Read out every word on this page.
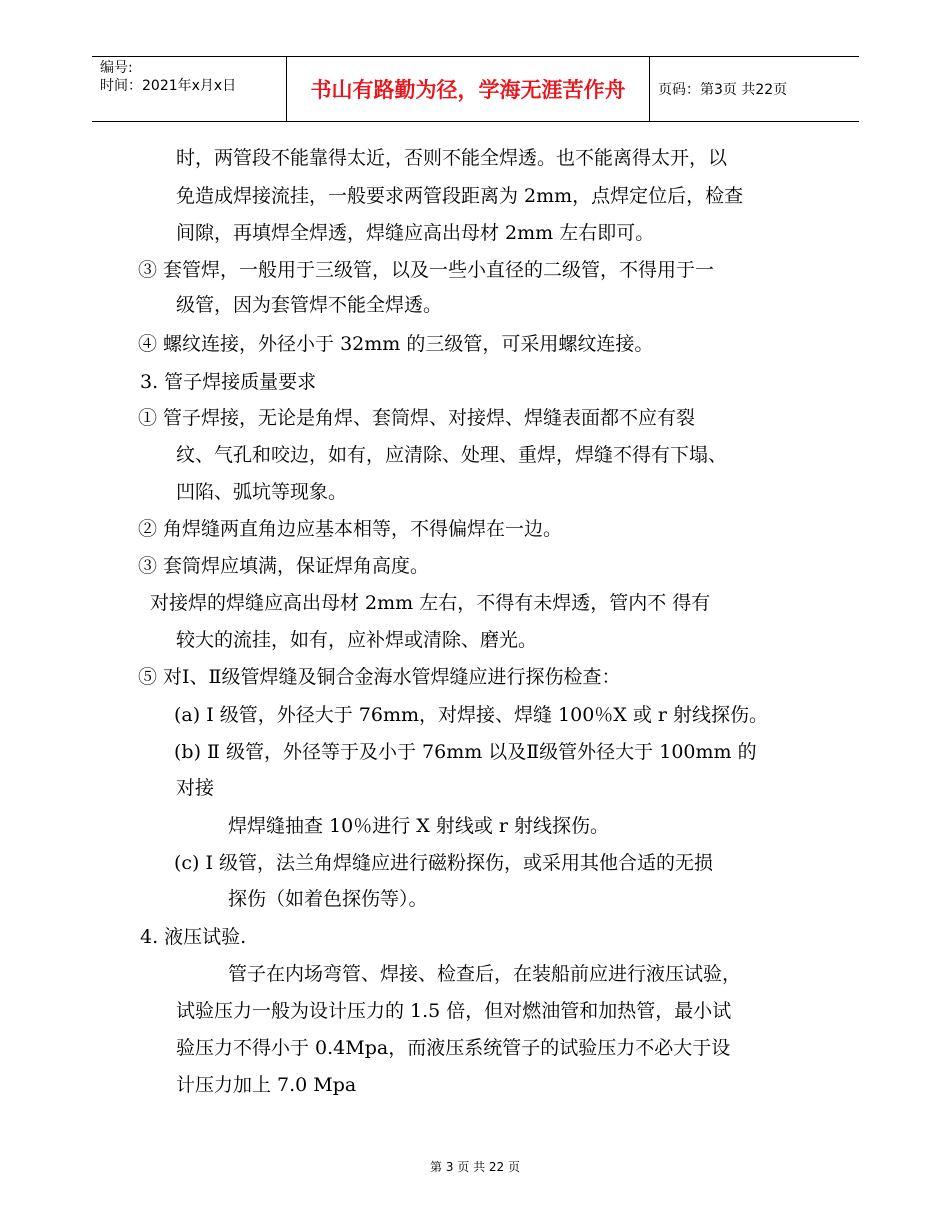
编号:
时间：2021年x月x日	书山有路勤为径，学海无涯苦作舟	页码：第3页 共22页
时，两管段不能靠得太近，否则不能全焊透。也不能离得太开，以
免造成焊接流挂，一般要求两管段距离为 2mm，点焊定位后，检查
间隙，再填焊全焊透，焊缝应高出母材 2mm 左右即可。
③ 套管焊，一般用于三级管，以及一些小直径的二级管，不得用于一
级管，因为套管焊不能全焊透。
④ 螺纹连接，外径小于 32mm 的三级管，可采用螺纹连接。
3. 管子焊接质量要求
① 管子焊接，无论是角焊、套筒焊、对接焊、焊缝表面都不应有裂
纹、气孔和咬边，如有，应清除、处理、重焊，焊缝不得有下塌、
凹陷、弧坑等现象。
② 角焊缝两直角边应基本相等，不得偏焊在一边。
③ 套筒焊应填满，保证焊角高度。
对接焊的焊缝应高出母材 2mm 左右，不得有未焊透，管内不 得有
较大的流挂，如有，应补焊或清除、磨光。
⑤ 对Ⅰ、Ⅱ级管焊缝及铜合金海水管焊缝应进行探伤检查：
(a) Ⅰ 级管，外径大于 76mm，对焊接、焊缝 100％X 或 r 射线探伤。
(b) Ⅱ 级管，外径等于及小于 76mm 以及Ⅱ级管外径大于 100mm 的
对接
焊焊缝抽查 10％进行 X 射线或 r 射线探伤。
(c) Ⅰ 级管，法兰角焊缝应进行磁粉探伤，或采用其他合适的无损
探伤（如着色探伤等）。
4. 液压试验.
管子在内场弯管、焊接、检查后，在装船前应进行液压试验，
试验压力一般为设计压力的 1.5 倍，但对燃油管和加热管，最小试
验压力不得小于 0.4Mpa，而液压系统管子的试验压力不必大于设
计压力加上 7.0 Mpa
第 3 页 共 22 页
